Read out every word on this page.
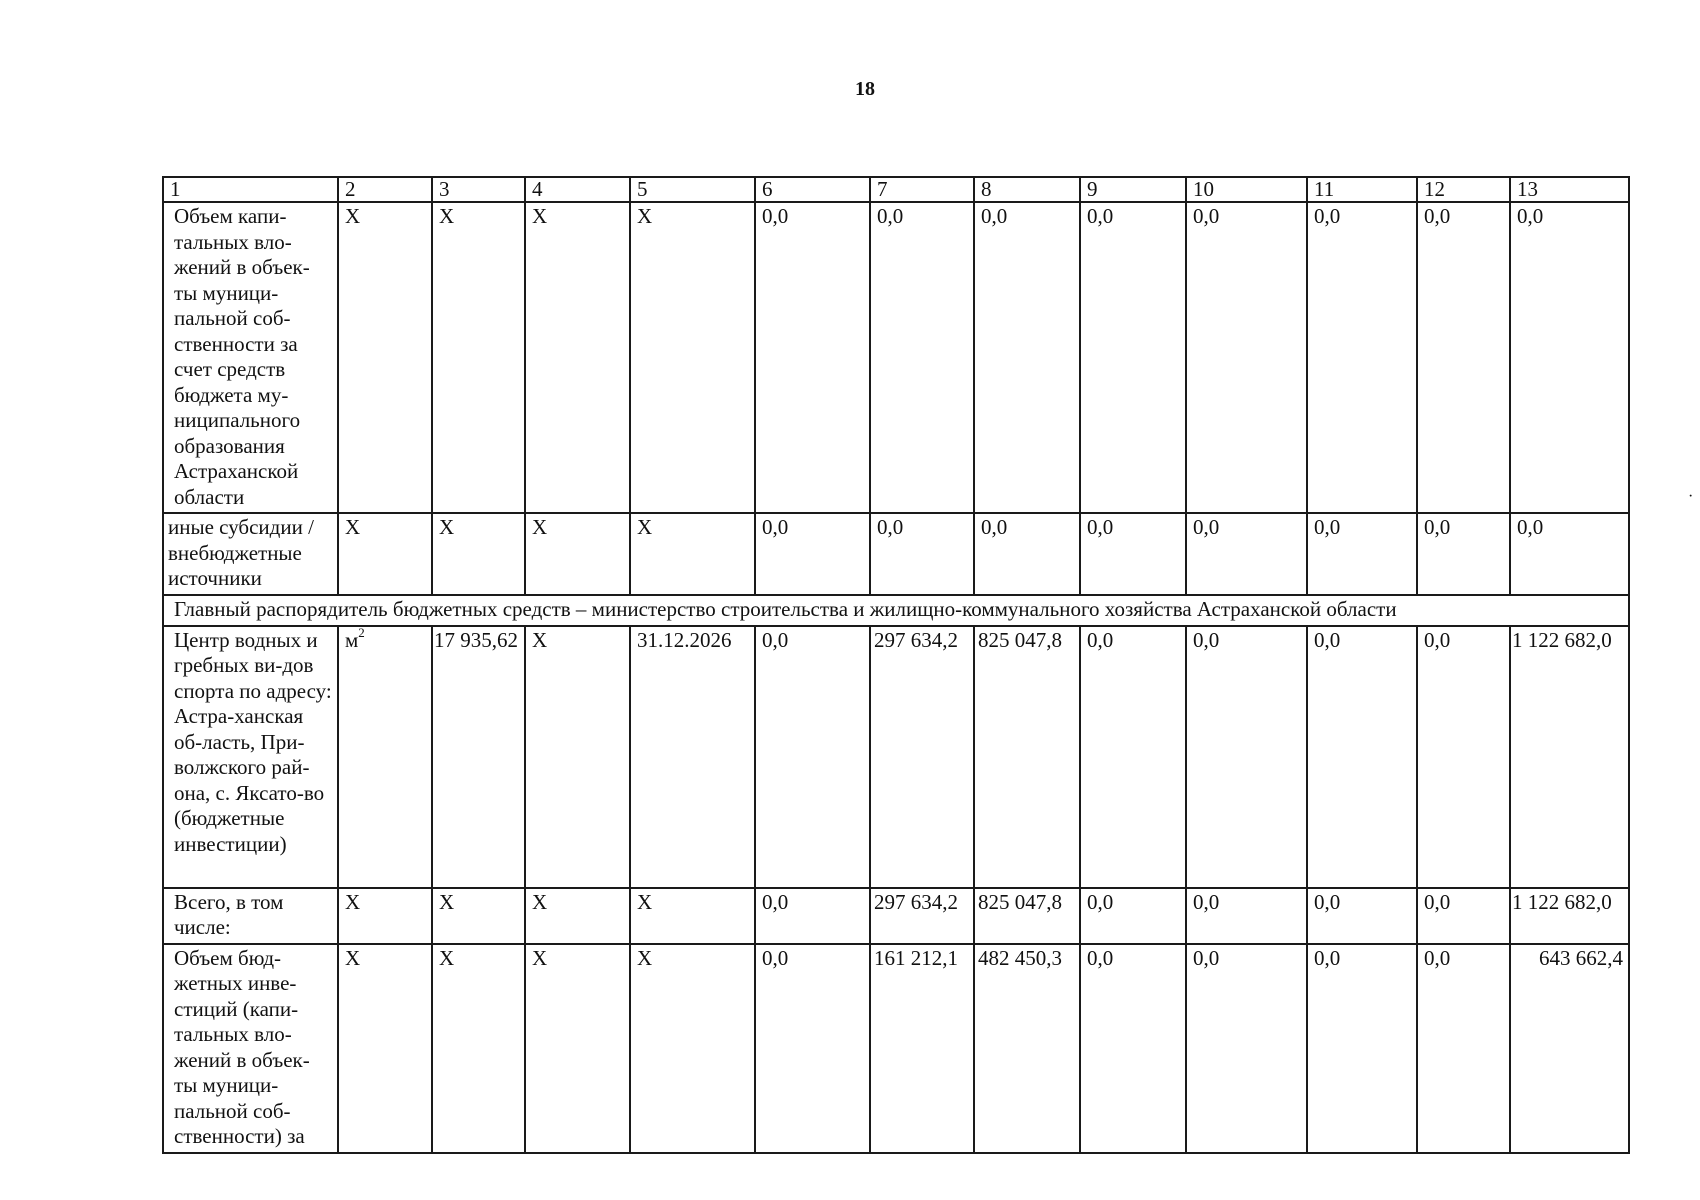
18
·
1	2	3	4	5	6	7	8	9	10	11	12	13
Объем капи-тальных вло-жений в объек-ты муници-пальной соб-ственности за счет средств бюджета му-ниципального образования Астраханской области	Х	Х	Х	Х	0,0	0,0	0,0	0,0	0,0	0,0	0,0	0,0
иные субсидии / внебюджетные источники	Х	Х	Х	Х	0,0	0,0	0,0	0,0	0,0	0,0	0,0	0,0
Главный распорядитель бюджетных средств – министерство строительства и жилищно-коммунального хозяйства Астраханской области												
Центр водных и гребных ви-дов спорта по адресу: Астра-ханская об-ласть, При-волжского рай-она, с. Яксато-во (бюджетные инвестиции)	$м^2$	17 935,62	Х	31.12.2026	0,0	297 634,2	825 047,8	0,0	0,0	0,0	0,0	1 122 682,0
Всего, в том числе:	Х	Х	Х	Х	0,0	297 634,2	825 047,8	0,0	0,0	0,0	0,0	1 122 682,0
Объем бюд-жетных инве-стиций (капи-тальных вло-жений в объек-ты муници-пальной соб-ственности) за	Х	Х	Х	Х	0,0	161 212,1	482 450,3	0,0	0,0	0,0	0,0	643 662,4
